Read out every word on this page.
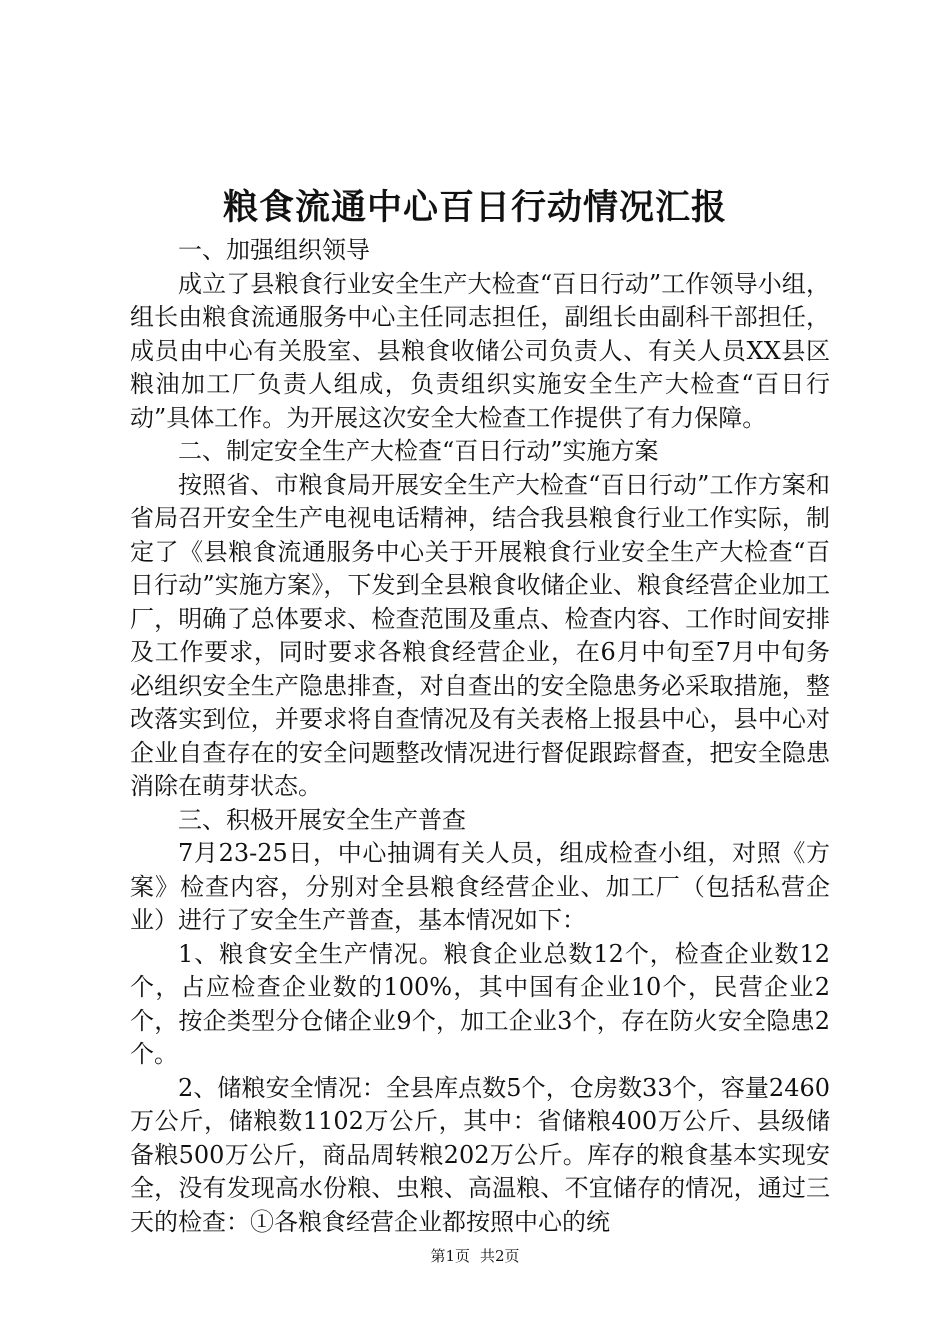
粮食流通中心百日行动情况汇报

一、加强组织领导

成立了县粮食行业安全生产大检查“百日行动”工作领导小组，组长由粮食流通服务中心主任同志担任，副组长由副科干部担任，成员由中心有关股室、县粮食收储公司负责人、有关人员XX县区粮油加工厂负责人组成，负责组织实施安全生产大检查“百日行动”具体工作。为开展这次安全大检查工作提供了有力保障。

二、制定安全生产大检查“百日行动”实施方案

按照省、市粮食局开展安全生产大检查“百日行动”工作方案和省局召开安全生产电视电话精神，结合我县粮食行业工作实际，制定了《县粮食流通服务中心关于开展粮食行业安全生产大检查“百日行动”实施方案》，下发到全县粮食收储企业、粮食经营企业加工厂，明确了总体要求、检查范围及重点、检查内容、工作时间安排及工作要求，同时要求各粮食经营企业，在6月中旬至7月中旬务必组织安全生产隐患排查，对自查出的安全隐患务必采取措施，整改落实到位，并要求将自查情况及有关表格上报县中心，县中心对企业自查存在的安全问题整改情况进行督促跟踪督查，把安全隐患消除在萌芽状态。

三、积极开展安全生产普查

7月23-25日，中心抽调有关人员，组成检查小组，对照《方案》检查内容，分别对全县粮食经营企业、加工厂（包括私营企业）进行了安全生产普查，基本情况如下：

1、粮食安全生产情况。粮食企业总数12个，检查企业数12个，占应检查企业数的100%，其中国有企业10个，民营企业2个，按企类型分仓储企业9个，加工企业3个，存在防火安全隐患2个。

2、储粮安全情况：全县库点数5个，仓房数33个，容量2460万公斤，储粮数1102万公斤，其中：省储粮400万公斤、县级储备粮500万公斤，商品周转粮202万公斤。库存的粮食基本实现安全，没有发现高水份粮、虫粮、高温粮、不宜储存的情况，通过三天的检查：①各粮食经营企业都按照中心的统

第1页 共2页
